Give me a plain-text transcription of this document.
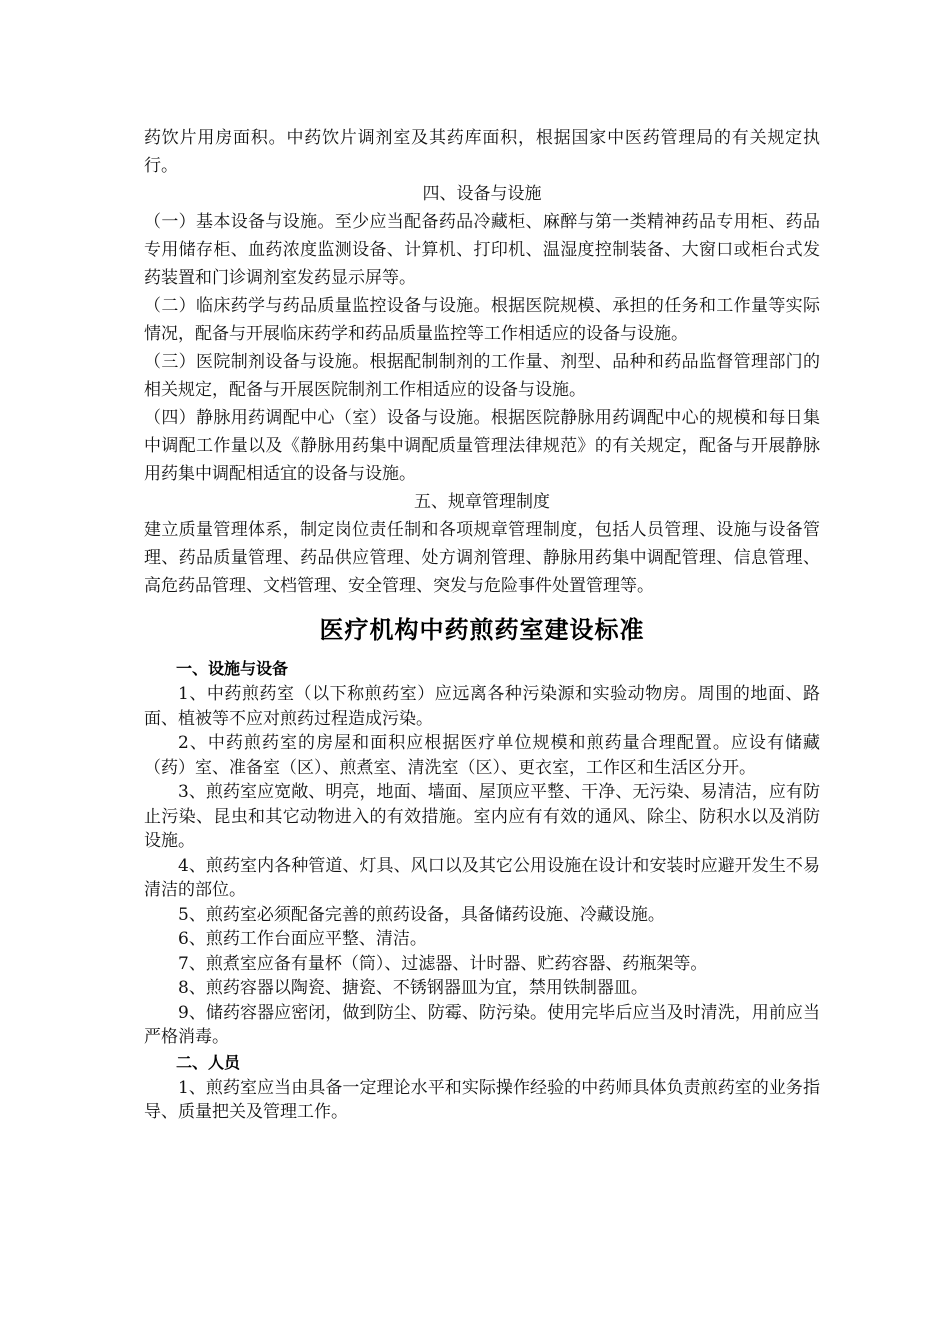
药饮片用房面积。中药饮片调剂室及其药库面积，根据国家中医药管理局的有关规定执行。

四、设备与设施

（一）基本设备与设施。至少应当配备药品冷藏柜、麻醉与第一类精神药品专用柜、药品专用储存柜、血药浓度监测设备、计算机、打印机、温湿度控制装备、大窗口或柜台式发药装置和门诊调剂室发药显示屏等。

（二）临床药学与药品质量监控设备与设施。根据医院规模、承担的任务和工作量等实际情况，配备与开展临床药学和药品质量监控等工作相适应的设备与设施。

（三）医院制剂设备与设施。根据配制制剂的工作量、剂型、品种和药品监督管理部门的相关规定，配备与开展医院制剂工作相适应的设备与设施。

（四）静脉用药调配中心（室）设备与设施。根据医院静脉用药调配中心的规模和每日集中调配工作量以及《静脉用药集中调配质量管理法律规范》的有关规定，配备与开展静脉用药集中调配相适宜的设备与设施。

五、规章管理制度

建立质量管理体系，制定岗位责任制和各项规章管理制度，包括人员管理、设施与设备管理、药品质量管理、药品供应管理、处方调剂管理、静脉用药集中调配管理、信息管理、高危药品管理、文档管理、安全管理、突发与危险事件处置管理等。

医疗机构中药煎药室建设标准

一、设施与设备

1、中药煎药室（以下称煎药室）应远离各种污染源和实验动物房。周围的地面、路面、植被等不应对煎药过程造成污染。

2、中药煎药室的房屋和面积应根据医疗单位规模和煎药量合理配置。应设有储藏（药）室、准备室（区）、煎煮室、清洗室（区）、更衣室，工作区和生活区分开。

3、煎药室应宽敞、明亮，地面、墙面、屋顶应平整、干净、无污染、易清洁，应有防止污染、昆虫和其它动物进入的有效措施。室内应有有效的通风、除尘、防积水以及消防设施。

4、煎药室内各种管道、灯具、风口以及其它公用设施在设计和安装时应避开发生不易清洁的部位。

5、煎药室必须配备完善的煎药设备，具备储药设施、冷藏设施。

6、煎药工作台面应平整、清洁。

7、煎煮室应备有量杯（筒）、过滤器、计时器、贮药容器、药瓶架等。

8、煎药容器以陶瓷、搪瓷、不锈钢器皿为宜，禁用铁制器皿。

9、储药容器应密闭，做到防尘、防霉、防污染。使用完毕后应当及时清洗，用前应当严格消毒。

二、人员

1、煎药室应当由具备一定理论水平和实际操作经验的中药师具体负责煎药室的业务指导、质量把关及管理工作。
